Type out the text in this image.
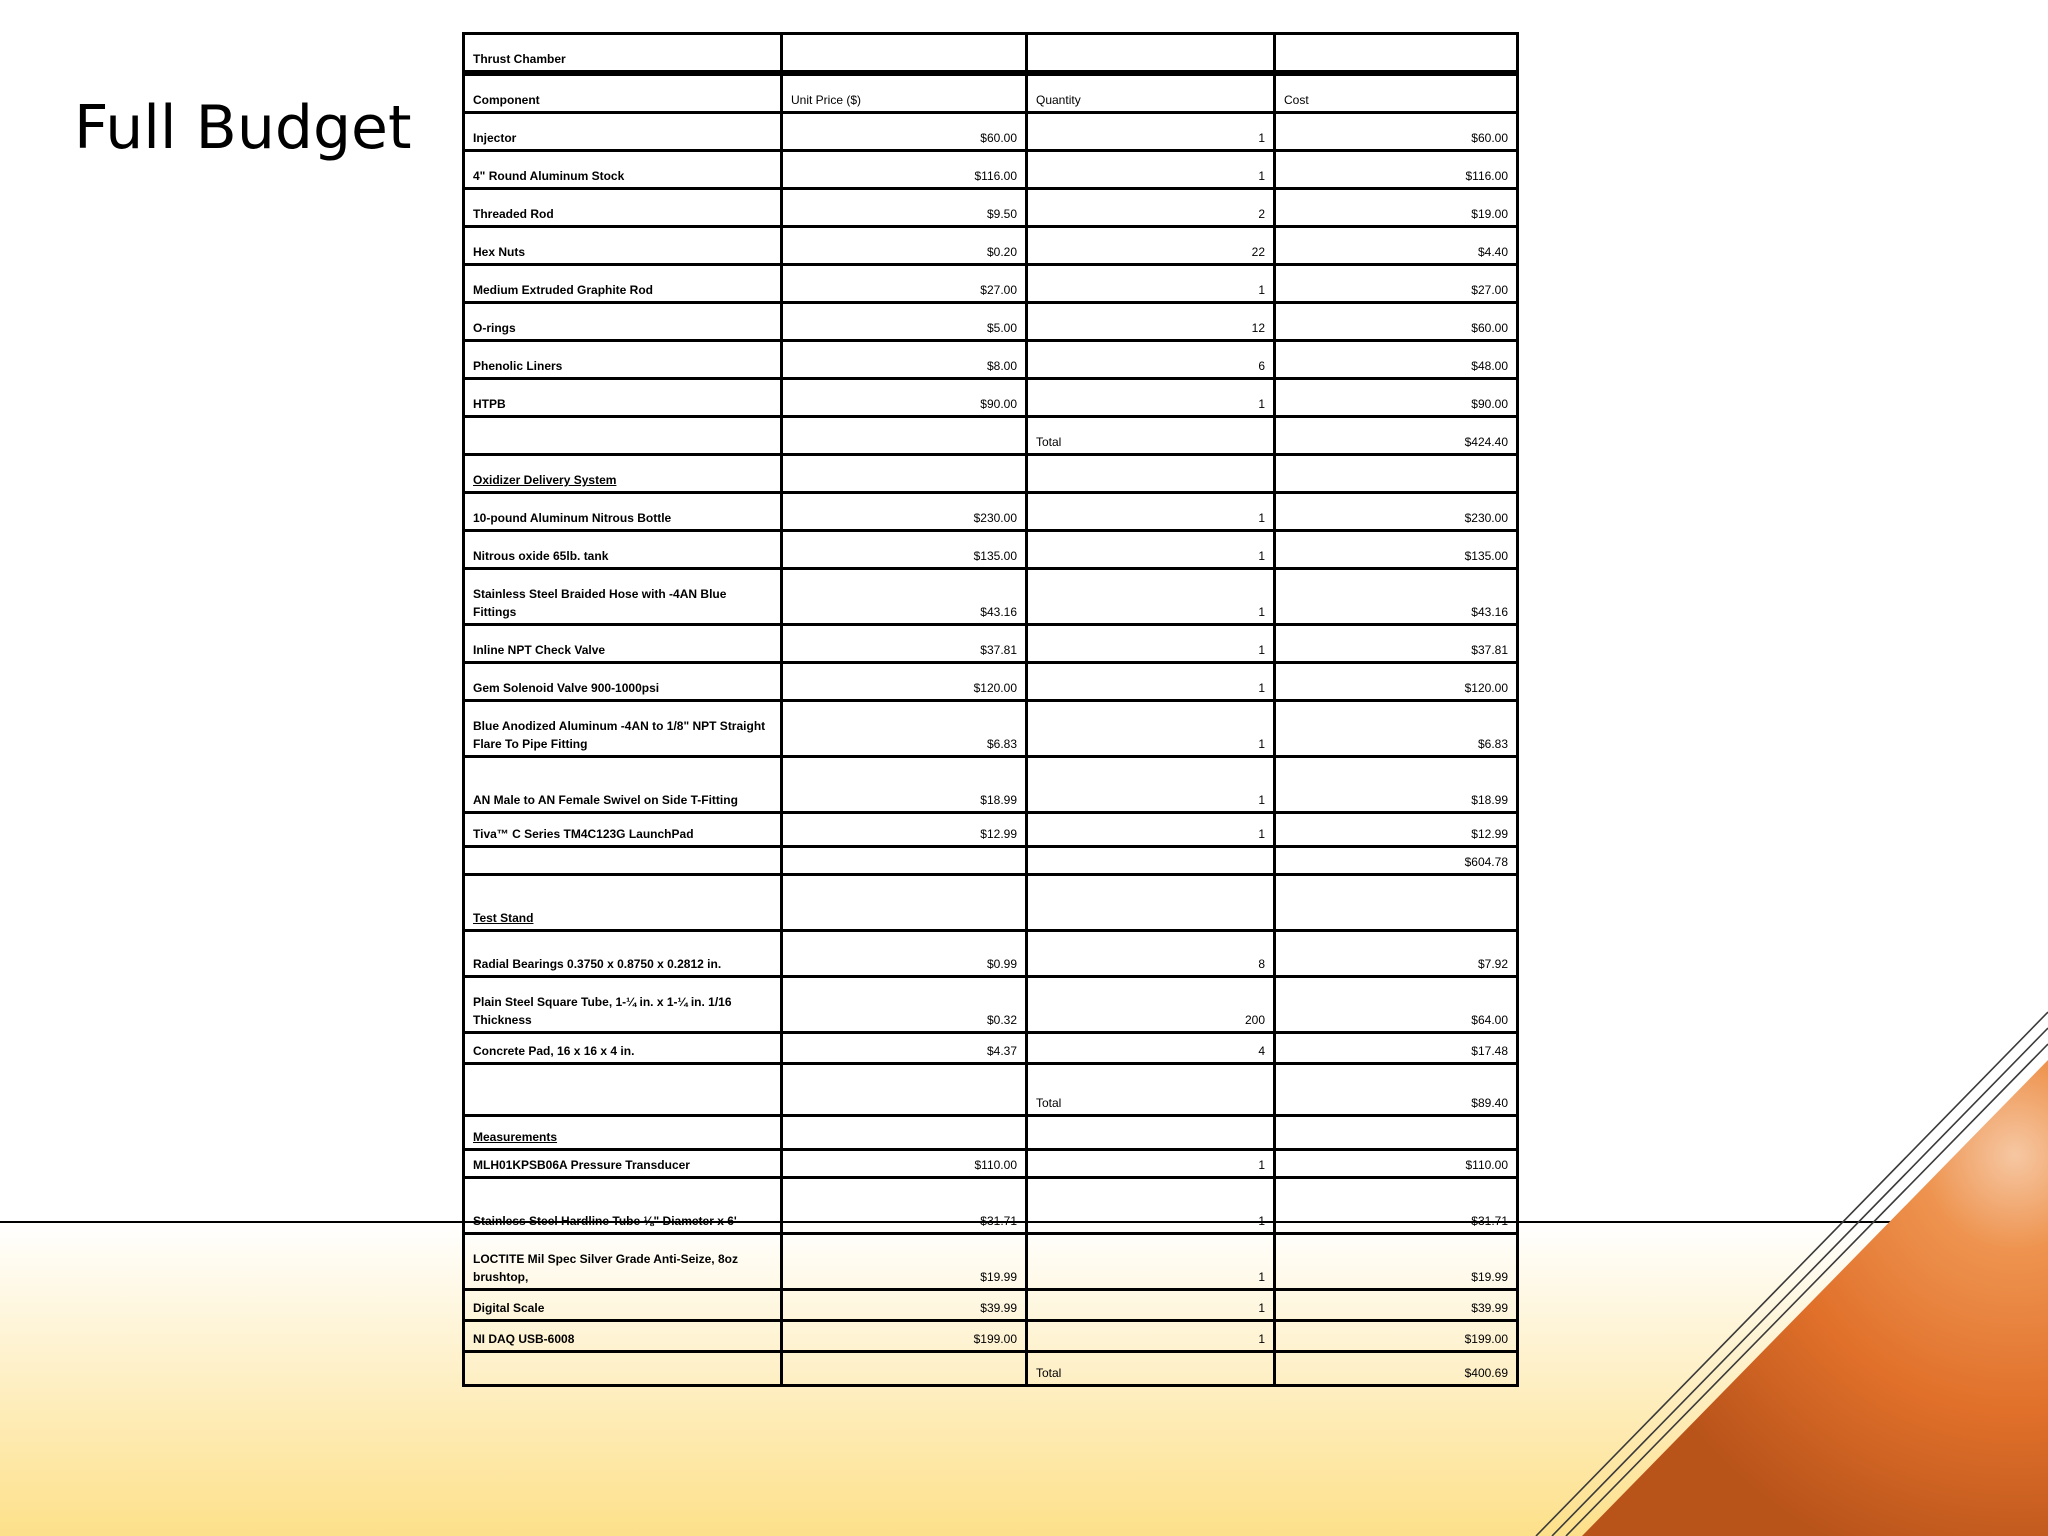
Full Budget
Thrust Chamber			
Component	Unit Price ($)	Quantity	Cost
Injector	$60.00	1	$60.00
4" Round Aluminum Stock	$116.00	1	$116.00
Threaded Rod	$9.50	2	$19.00
Hex Nuts	$0.20	22	$4.40
Medium Extruded Graphite Rod	$27.00	1	$27.00
O-rings	$5.00	12	$60.00
Phenolic Liners	$8.00	6	$48.00
HTPB	$90.00	1	$90.00
		Total	$424.40
Oxidizer Delivery System			
10-pound Aluminum Nitrous Bottle	$230.00	1	$230.00
Nitrous oxide 65lb. tank	$135.00	1	$135.00
Stainless Steel Braided Hose with -4AN Blue Fittings	$43.16	1	$43.16
Inline NPT Check Valve	$37.81	1	$37.81
Gem Solenoid Valve 900-1000psi	$120.00	1	$120.00
Blue Anodized Aluminum -4AN to 1/8" NPT Straight Flare To Pipe Fitting	$6.83	1	$6.83
AN Male to AN Female Swivel on Side T-Fitting	$18.99	1	$18.99
Tiva™ C Series TM4C123G LaunchPad	$12.99	1	$12.99
			$604.78
Test Stand			
Radial Bearings 0.3750 x 0.8750 x 0.2812 in.	$0.99	8	$7.92
Plain Steel Square Tube, 1-¼ in. x 1-¼ in. 1/16 Thickness	$0.32	200	$64.00
Concrete Pad, 16 x 16 x 4 in.	$4.37	4	$17.48
		Total	$89.40
Measurements			
MLH01KPSB06A Pressure Transducer	$110.00	1	$110.00
Stainless Steel Hardline Tube ⅛" Diameter x 6'	$31.71	1	$31.71
LOCTITE Mil Spec Silver Grade Anti-Seize, 8oz brushtop,	$19.99	1	$19.99
Digital Scale	$39.99	1	$39.99
NI DAQ USB-6008	$199.00	1	$199.00
		Total	$400.69
